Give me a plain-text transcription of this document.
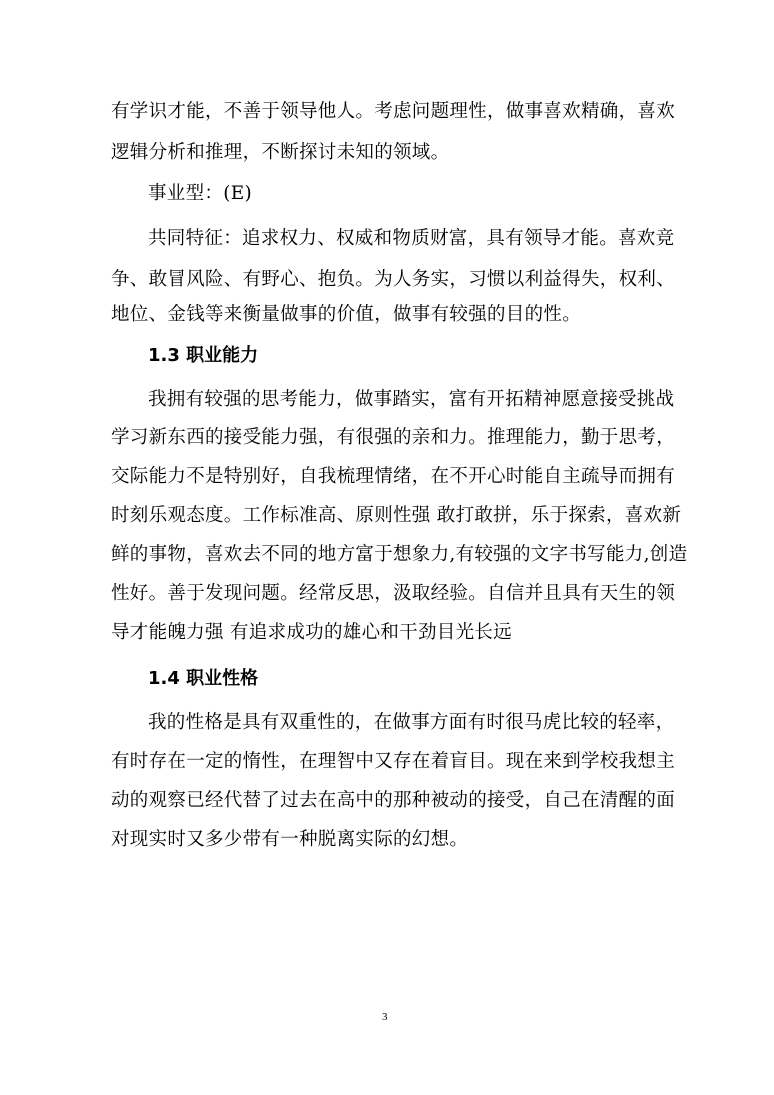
有学识才能，不善于领导他人。考虑问题理性，做事喜欢精确，喜欢
逻辑分析和推理，不断探讨未知的领域。
事业型：(E)
共同特征：追求权力、权威和物质财富，具有领导才能。喜欢竞
争、敢冒风险、有野心、抱负。为人务实，习惯以利益得失，权利、
地位、金钱等来衡量做事的价值，做事有较强的目的性。
1.3 职业能力
我拥有较强的思考能力，做事踏实，富有开拓精神愿意接受挑战
学习新东西的接受能力强，有很强的亲和力。推理能力，勤于思考，
交际能力不是特别好，自我梳理情绪，在不开心时能自主疏导而拥有
时刻乐观态度。工作标准高、原则性强 敢打敢拼，乐于探索，喜欢新
鲜的事物，喜欢去不同的地方富于想象力,有较强的文字书写能力,创造
性好。善于发现问题。经常反思，汲取经验。自信并且具有天生的领
导才能魄力强 有追求成功的雄心和干劲目光长远
1.4 职业性格
我的性格是具有双重性的，在做事方面有时很马虎比较的轻率，
有时存在一定的惰性，在理智中又存在着盲目。现在来到学校我想主
动的观察已经代替了过去在高中的那种被动的接受，自己在清醒的面
对现实时又多少带有一种脱离实际的幻想。
3
